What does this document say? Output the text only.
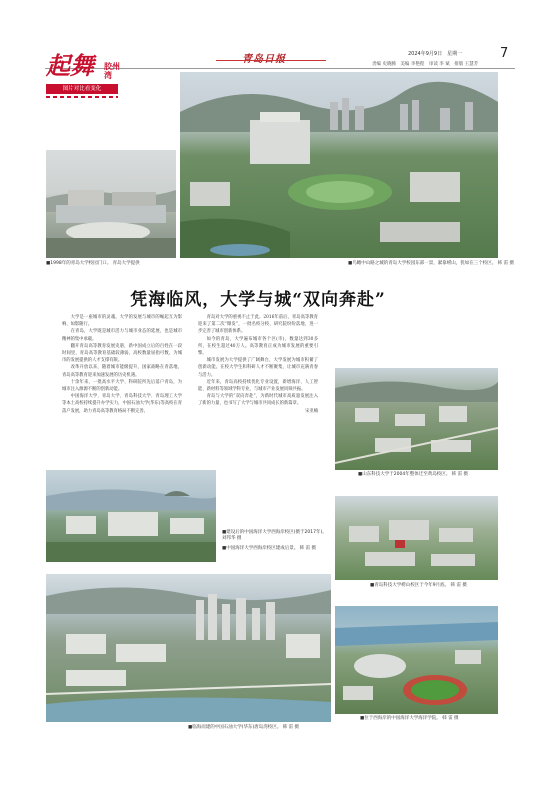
2024年9月9日　星期一	7
责编 史晓腾　美编 李艳程　审读 李 斌　排版 王慧芳
起舞 胶州湾
图片对比看变化
■1998年的青岛大学校园门口。 青岛大学提供	■鸟瞰中山路之城的青岛大学校园东部一景，紧靠崂山，犹如在三个校区。 韩 雷 摄
凭海临风，大学与城“双向奔赴”

大学是一座城市的灵魂。大学的发展与城市的崛起互为影响、如影随行。

在青岛，大学既是城市活力与城市业态的延展，也是城市精神的集中承载。

翻开青岛高等教育发展史册，新中国成立后的百姓在一段时间里，青岛高等教育基础较薄弱，高校数量屈指可数，为城市的发展提供的人才支撑有限。

改革开放以来，随着城市能级提升，国家战略在青落地，青岛高等教育迎来加速发展的历史机遇。

十余年来，一批高水平大学、科研院所先后落户青岛，为城市注入源源不断的创新动能。

中国海洋大学、青岛大学、青岛科技大学、青岛理工大学等本土高校持续提升办学实力，中国石油大学(华东)等高校在青落户发展，助力青岛高等教育格局不断完善。

青岛对大学的重视不止于此。2016年前后，青岛高等教育迎来了第二次“爆发”，一批名校分校、研究院纷纷落地，进一步完善了城市创新体系。

如今的青岛，大学遍布城市各个区(市)，数量达到30多所，在校生超过40万人。高等教育正成为城市发展的重要引擎。

城市发展为大学提供了广阔舞台，大学发展为城市积蓄了创新动能。在校大学生和科研人才不断聚集，让城市充满青春与活力。

近年来，青岛高校持续优化专业设置，新增海洋、人工智能、新材料等领域学科专业，与城市产业发展同频共振。

青岛与大学的“双向奔赴”，为新时代城市高质量发展注入了新的力量，也书写了大学与城市共同成长的新篇章。

宋亚楠
■山东科技大学于2004年整体迁至黄岛校区。 韩 雷 摄
■青岛科技大学崂山校区于今年9月底。 韩 雷 摄
■位于西海岸的中国海洋大学海洋学院。 韩 雷 摄
■建设后的中国海洋大学西海岸校区(摄于2017年)。 刘邦华 摄
■中国海洋大学西海岸校区建成后景。 韩 雷 摄
■临海而建的中国石油大学(华东)唐岛湾校区。 韩 雷 摄
